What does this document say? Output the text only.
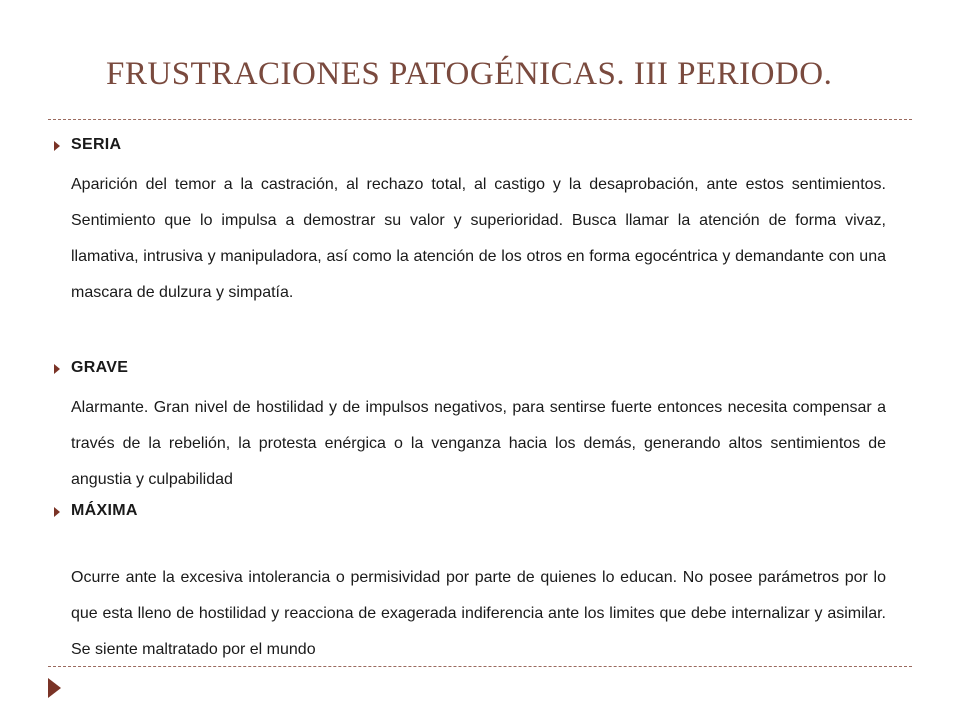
FRUSTRACIONES PATOGÉNICAS. III PERIODO.
SERIA
Aparición del temor a la castración, al rechazo total, al castigo y la desaprobación, ante estos sentimientos. Sentimiento que lo impulsa a demostrar su valor y superioridad. Busca llamar la atención de forma vivaz, llamativa, intrusiva y manipuladora, así como la atención de los otros en forma egocéntrica y demandante con una mascara de dulzura y simpatía.
GRAVE
Alarmante. Gran nivel de hostilidad y de impulsos negativos, para sentirse fuerte entonces necesita compensar a través de la rebelión, la protesta enérgica o la venganza hacia los demás, generando altos sentimientos de angustia y culpabilidad
MÁXIMA
Ocurre ante la excesiva intolerancia o permisividad por parte de quienes lo educan. No posee parámetros por lo que esta lleno de hostilidad y reacciona de exagerada indiferencia ante los limites que debe internalizar y asimilar. Se siente maltratado por el mundo
